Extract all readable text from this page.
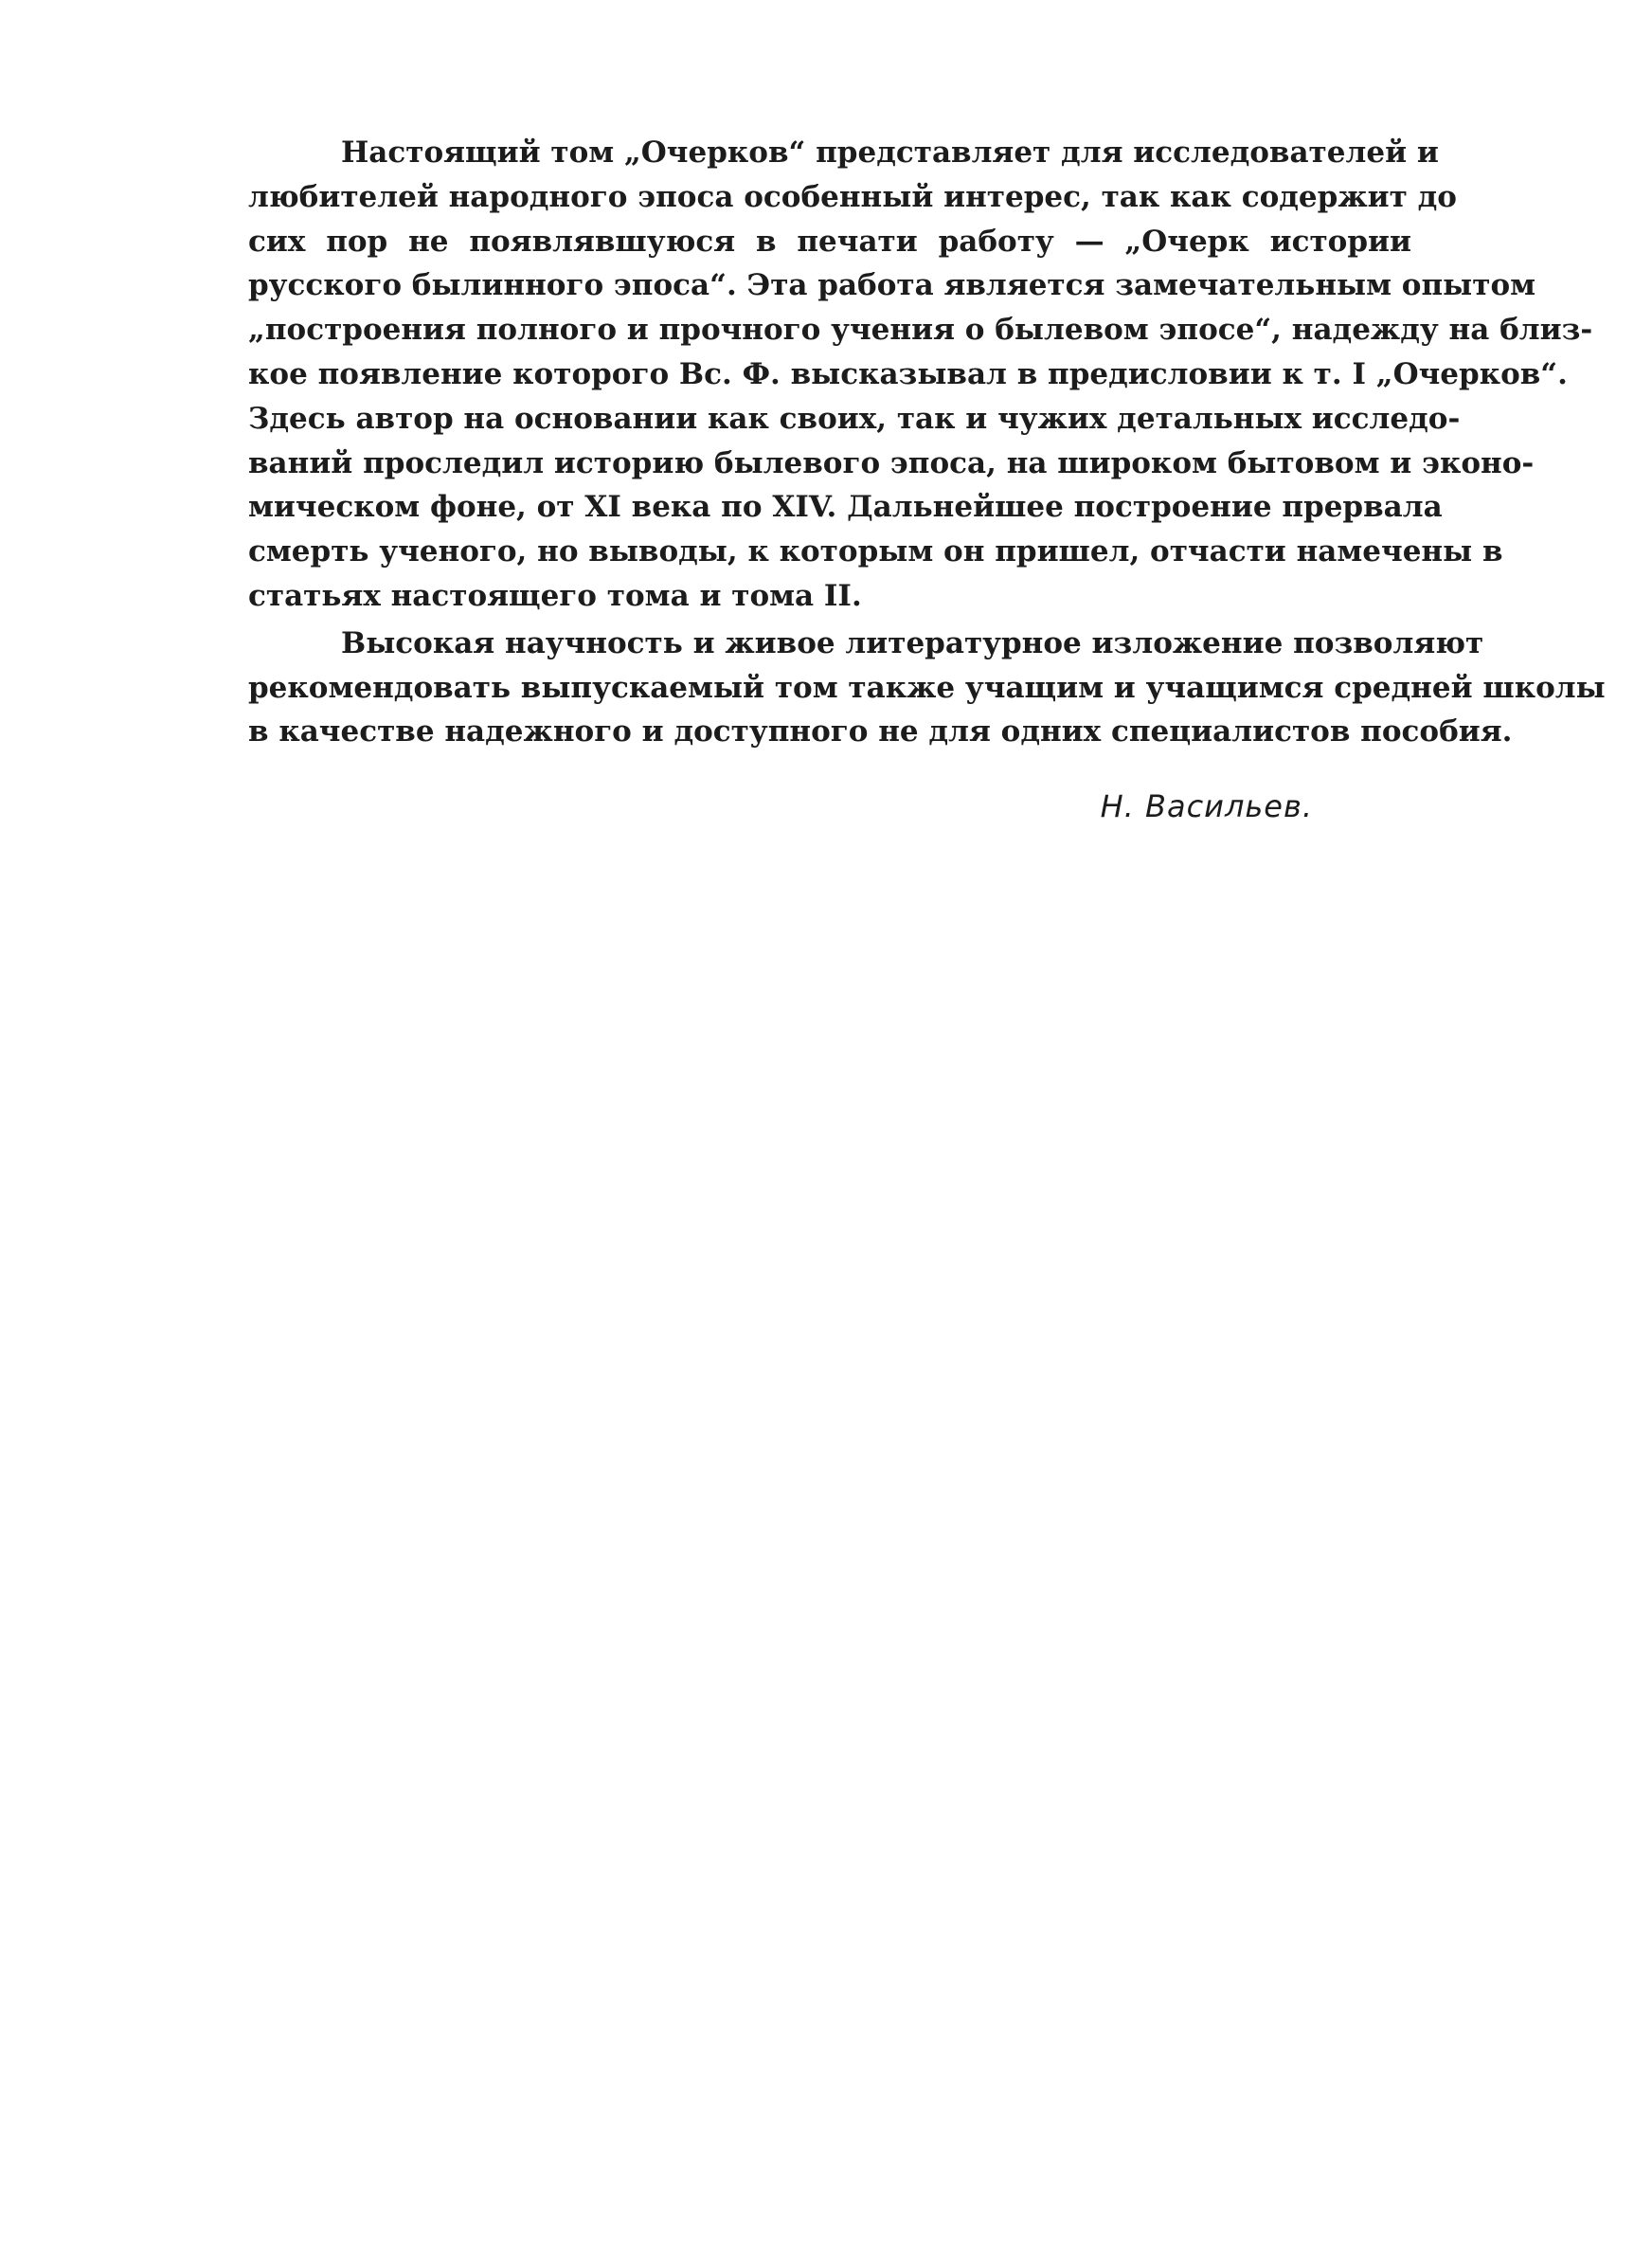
Настоящий том „Очерков“ представляет для исследователей и
любителей народного эпоса особенный интерес, так как содержит до
сих пор не появлявшуюся в печати работу — „Очерк истории
русского былинного эпоса“. Эта работа является замечательным опытом
„построения полного и прочного учения о былевом эпосе“, надежду на близ-
кое появление которого Вс. Ф. высказывал в предисловии к т. I „Очерков“.
Здесь автор на основании как своих, так и чужих детальных исследо-
ваний проследил историю былевого эпоса, на широком бытовом и эконо-
мическом фоне, от XI века по XIV. Дальнейшее построение прервала
смерть ученого, но выводы, к которым он пришел, отчасти намечены в
статьях настоящего тома и тома II.
Высокая научность и живое литературное изложение позволяют
рекомендовать выпускаемый том также учащим и учащимся средней школы
в качестве надежного и доступного не для одних специалистов пособия.
Н. Васильев.
